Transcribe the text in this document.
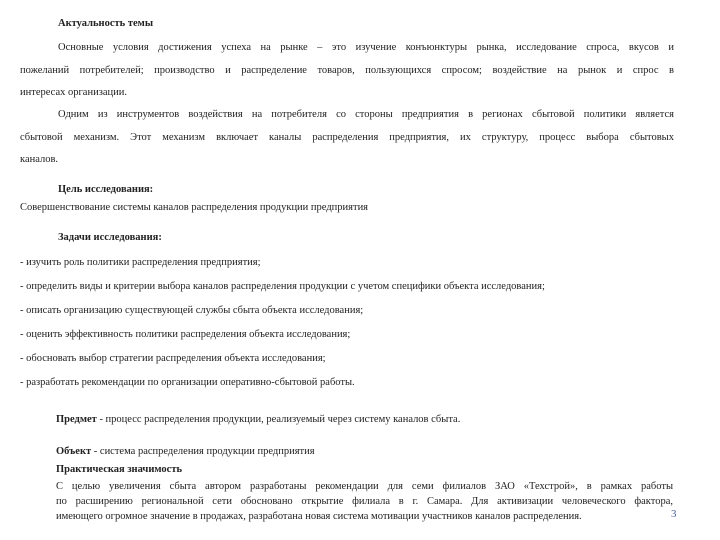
Актуальность темы
Основные условия достижения успеха на рынке – это изучение конъюнктуры рынка, исследование спроса, вкусов и
пожеланий потребителей; производство и распределение товаров, пользующихся спросом; воздействие на рынок и спрос в
интересах организации.
Одним из инструментов воздействия на потребителя со стороны предприятия в регионах сбытовой политики является
сбытовой механизм. Этот механизм включает каналы распределения предприятия, их структуру, процесс выбора сбытовых
каналов.
Цель исследования:
Совершенствование системы каналов распределения продукции предприятия
Задачи исследования:
- изучить роль политики распределения предприятия;
- определить виды и критерии выбора каналов распределения продукции с учетом специфики объекта исследования;
- описать организацию существующей службы сбыта объекта исследования;
- оценить эффективность политики распределения объекта исследования;
- обосновать выбор стратегии распределения объекта исследования;
- разработать рекомендации по организации оперативно-сбытовой работы.
Предмет - процесс распределения продукции, реализуемый через систему каналов сбыта.
Объект - система распределения продукции предприятия
Практическая значимость
С целью увеличения сбыта автором разработаны рекомендации для семи филиалов ЗАО «Техстрой», в рамках работы
по расширению региональной сети обосновано открытие филиала в г. Самара. Для активизации человеческого фактора,
имеющего огромное значение в продажах, разработана новая система мотивации участников каналов распределения.	3
